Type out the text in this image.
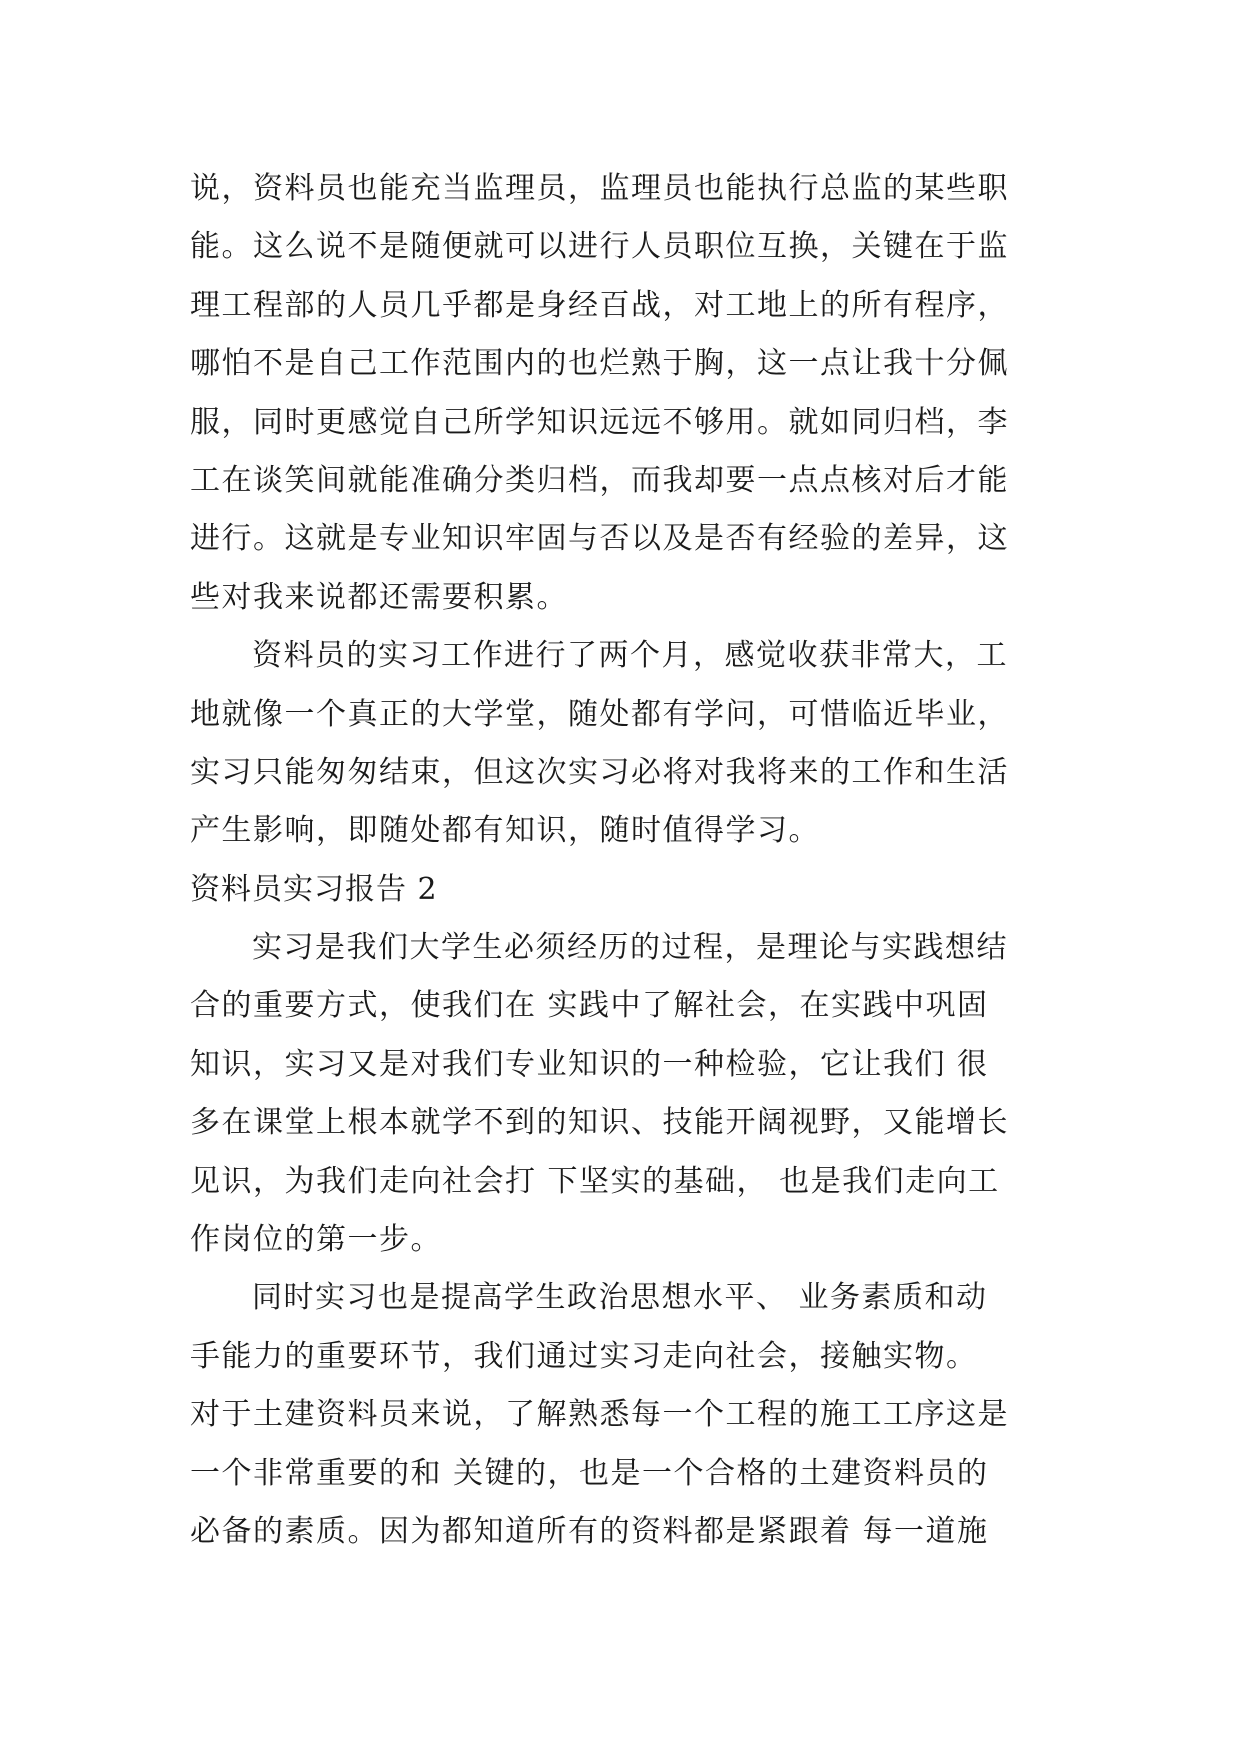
说，资料员也能充当监理员，监理员也能执行总监的某些职
能。这么说不是随便就可以进行人员职位互换，关键在于监
理工程部的人员几乎都是身经百战，对工地上的所有程序，
哪怕不是自己工作范围内的也烂熟于胸，这一点让我十分佩
服，同时更感觉自己所学知识远远不够用。就如同归档，李
工在谈笑间就能准确分类归档，而我却要一点点核对后才能
进行。这就是专业知识牢固与否以及是否有经验的差异，这
些对我来说都还需要积累。
资料员的实习工作进行了两个月，感觉收获非常大，工
地就像一个真正的大学堂，随处都有学问，可惜临近毕业，
实习只能匆匆结束，但这次实习必将对我将来的工作和生活
产生影响，即随处都有知识，随时值得学习。
资料员实习报告 2
实习是我们大学生必须经历的过程，是理论与实践想结
合的重要方式，使我们在 实践中了解社会，在实践中巩固
知识，实习又是对我们专业知识的一种检验，它让我们 很
多在课堂上根本就学不到的知识、技能开阔视野，又能增长
见识，为我们走向社会打 下坚实的基础， 也是我们走向工
作岗位的第一步。
同时实习也是提高学生政治思想水平、 业务素质和动
手能力的重要环节，我们通过实习走向社会，接触实物。
对于土建资料员来说，了解熟悉每一个工程的施工工序这是
一个非常重要的和 关键的，也是一个合格的土建资料员的
必备的素质。因为都知道所有的资料都是紧跟着 每一道施
